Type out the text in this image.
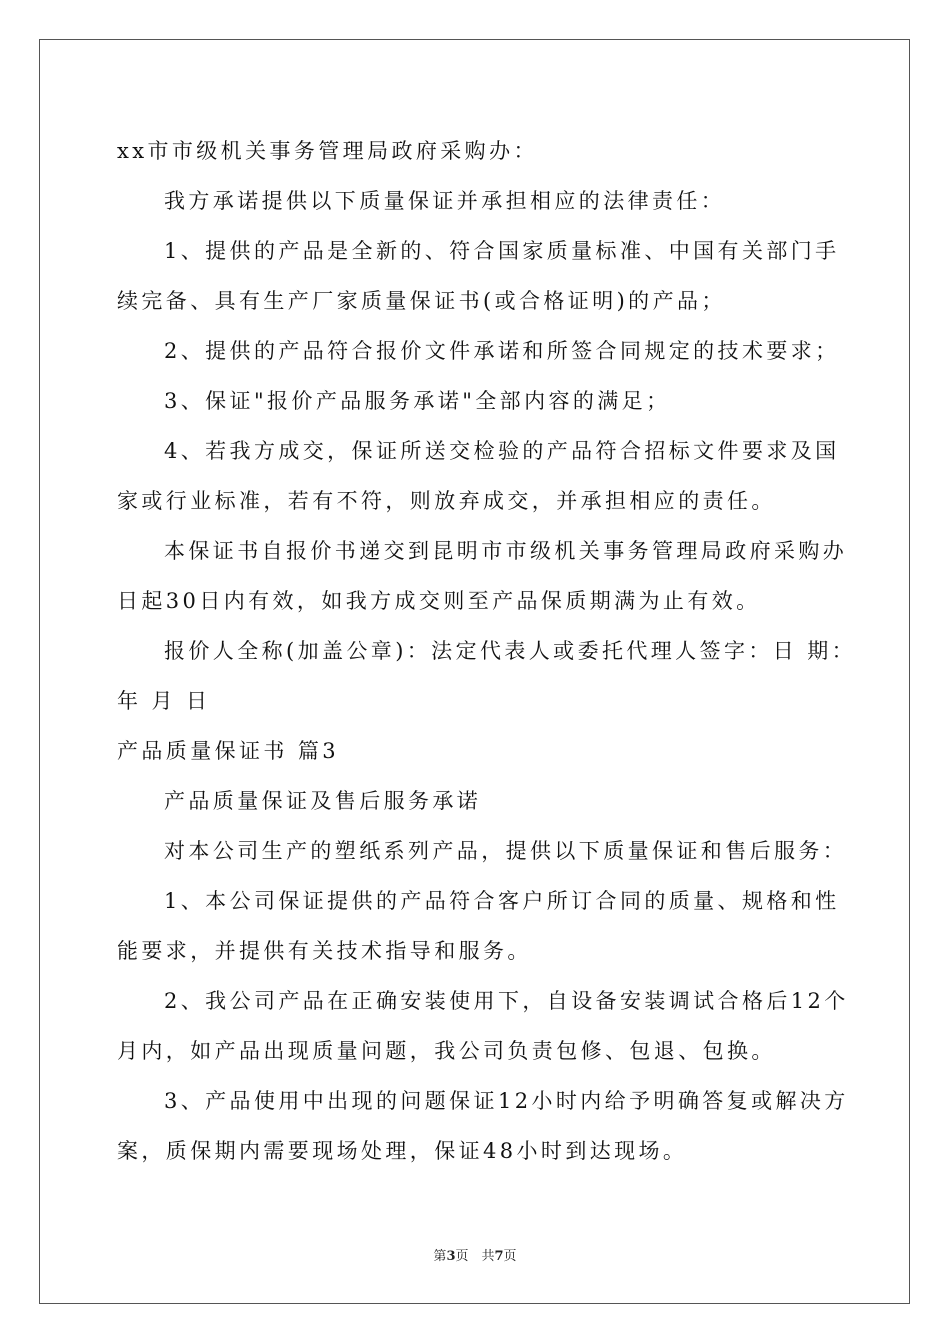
xx市市级机关事务管理局政府采购办：
我方承诺提供以下质量保证并承担相应的法律责任：
1、提供的产品是全新的、符合国家质量标准、中国有关部门手
续完备、具有生产厂家质量保证书(或合格证明)的产品；
2、提供的产品符合报价文件承诺和所签合同规定的技术要求；
3、保证"报价产品服务承诺"全部内容的满足；
4、若我方成交，保证所送交检验的产品符合招标文件要求及国
家或行业标准，若有不符，则放弃成交，并承担相应的责任。
本保证书自报价书递交到昆明市市级机关事务管理局政府采购办
日起30日内有效，如我方成交则至产品保质期满为止有效。
报价人全称(加盖公章)：法定代表人或委托代理人签字：日 期：
年 月 日
产品质量保证书 篇3
产品质量保证及售后服务承诺
对本公司生产的塑纸系列产品，提供以下质量保证和售后服务：
1、本公司保证提供的产品符合客户所订合同的质量、规格和性
能要求，并提供有关技术指导和服务。
2、我公司产品在正确安装使用下，自设备安装调试合格后12个
月内，如产品出现质量问题，我公司负责包修、包退、包换。
3、产品使用中出现的问题保证12小时内给予明确答复或解决方
案，质保期内需要现场处理，保证48小时到达现场。
第3页　共7页
